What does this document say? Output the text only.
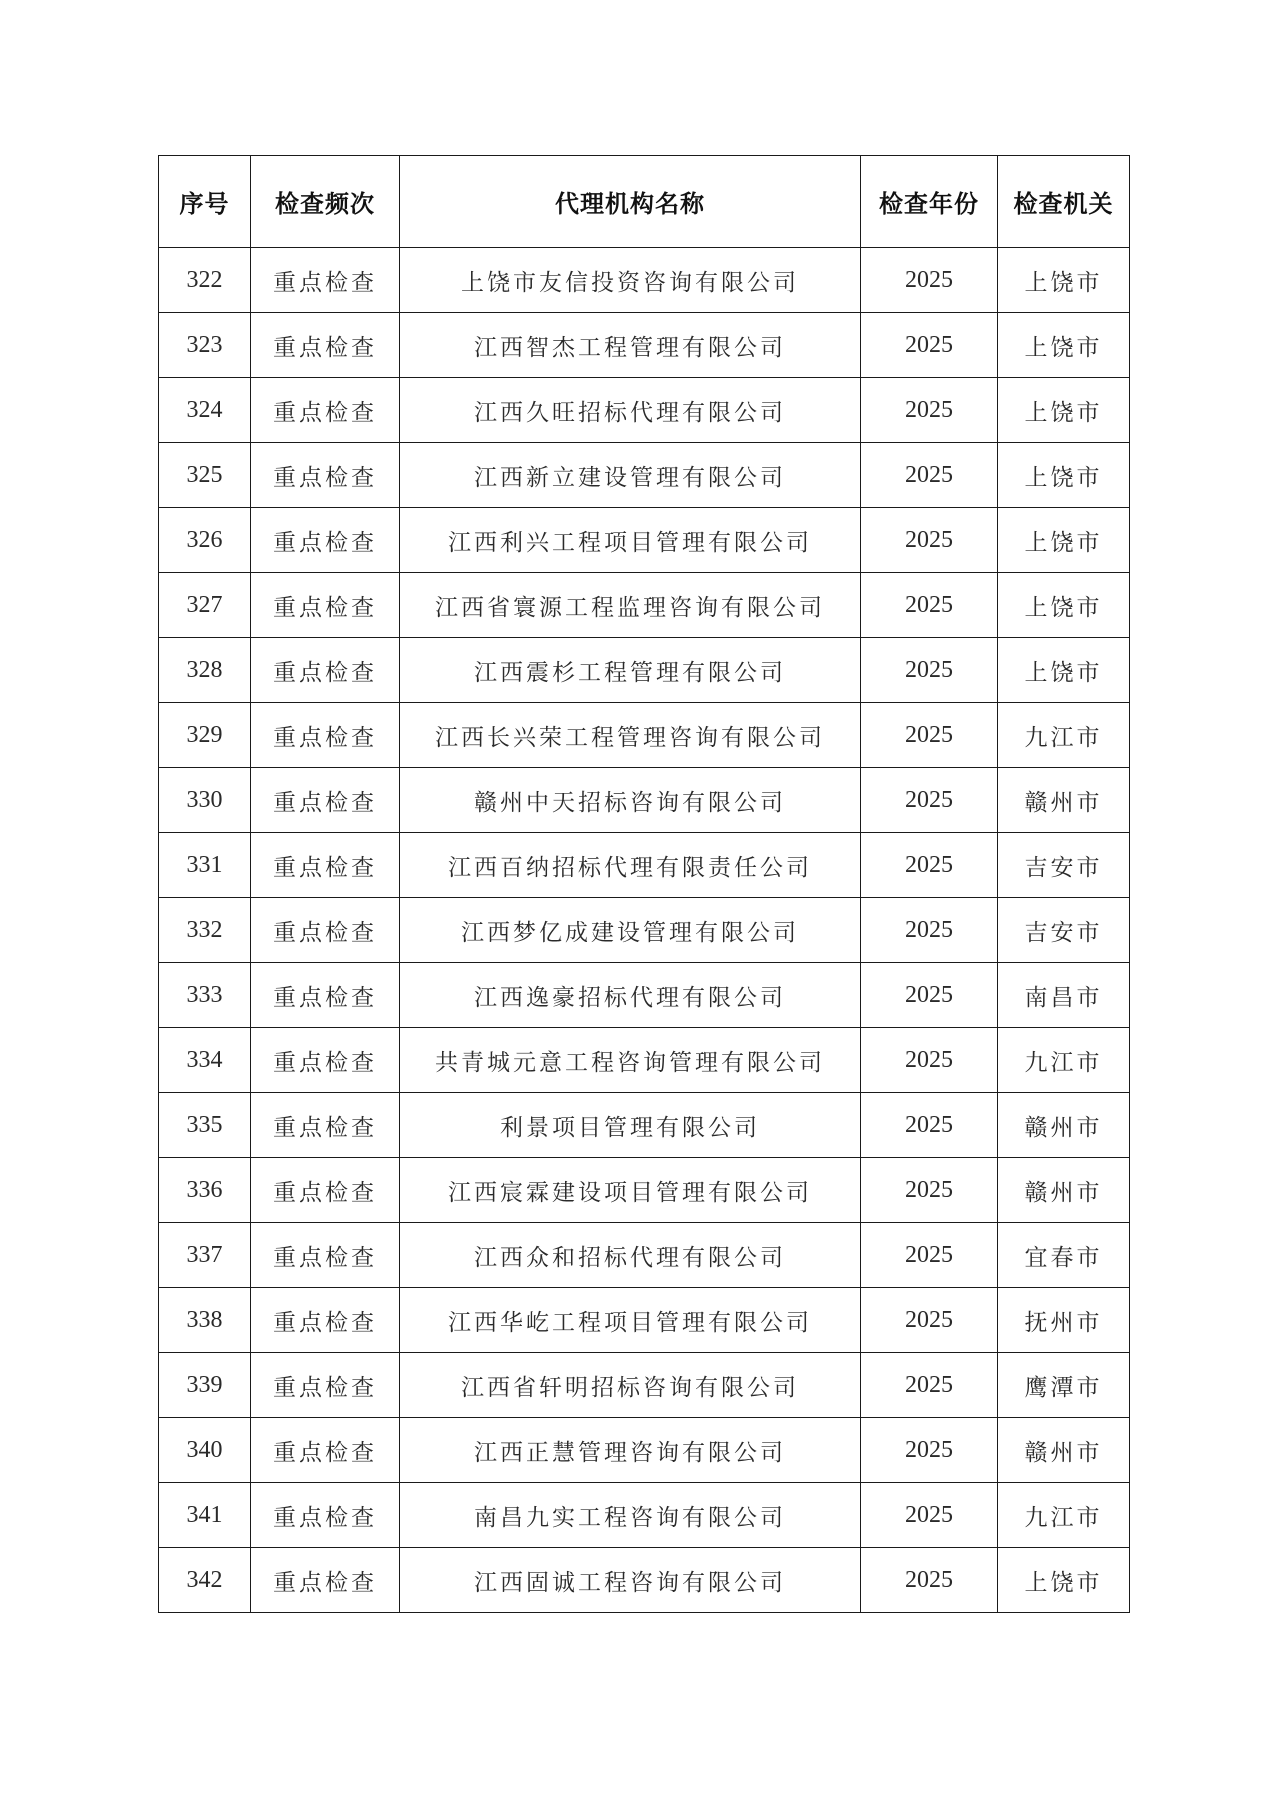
序号	检查频次	代理机构名称	检查年份	检查机关
322	重点检查	上饶市友信投资咨询有限公司	2025	上饶市
323	重点检查	江西智杰工程管理有限公司	2025	上饶市
324	重点检查	江西久旺招标代理有限公司	2025	上饶市
325	重点检查	江西新立建设管理有限公司	2025	上饶市
326	重点检查	江西利兴工程项目管理有限公司	2025	上饶市
327	重点检查	江西省寰源工程监理咨询有限公司	2025	上饶市
328	重点检查	江西震杉工程管理有限公司	2025	上饶市
329	重点检查	江西长兴荣工程管理咨询有限公司	2025	九江市
330	重点检查	赣州中天招标咨询有限公司	2025	赣州市
331	重点检查	江西百纳招标代理有限责任公司	2025	吉安市
332	重点检查	江西梦亿成建设管理有限公司	2025	吉安市
333	重点检查	江西逸豪招标代理有限公司	2025	南昌市
334	重点检查	共青城元意工程咨询管理有限公司	2025	九江市
335	重点检查	利景项目管理有限公司	2025	赣州市
336	重点检查	江西宸霖建设项目管理有限公司	2025	赣州市
337	重点检查	江西众和招标代理有限公司	2025	宜春市
338	重点检查	江西华屹工程项目管理有限公司	2025	抚州市
339	重点检查	江西省轩明招标咨询有限公司	2025	鹰潭市
340	重点检查	江西正慧管理咨询有限公司	2025	赣州市
341	重点检查	南昌九实工程咨询有限公司	2025	九江市
342	重点检查	江西固诚工程咨询有限公司	2025	上饶市
